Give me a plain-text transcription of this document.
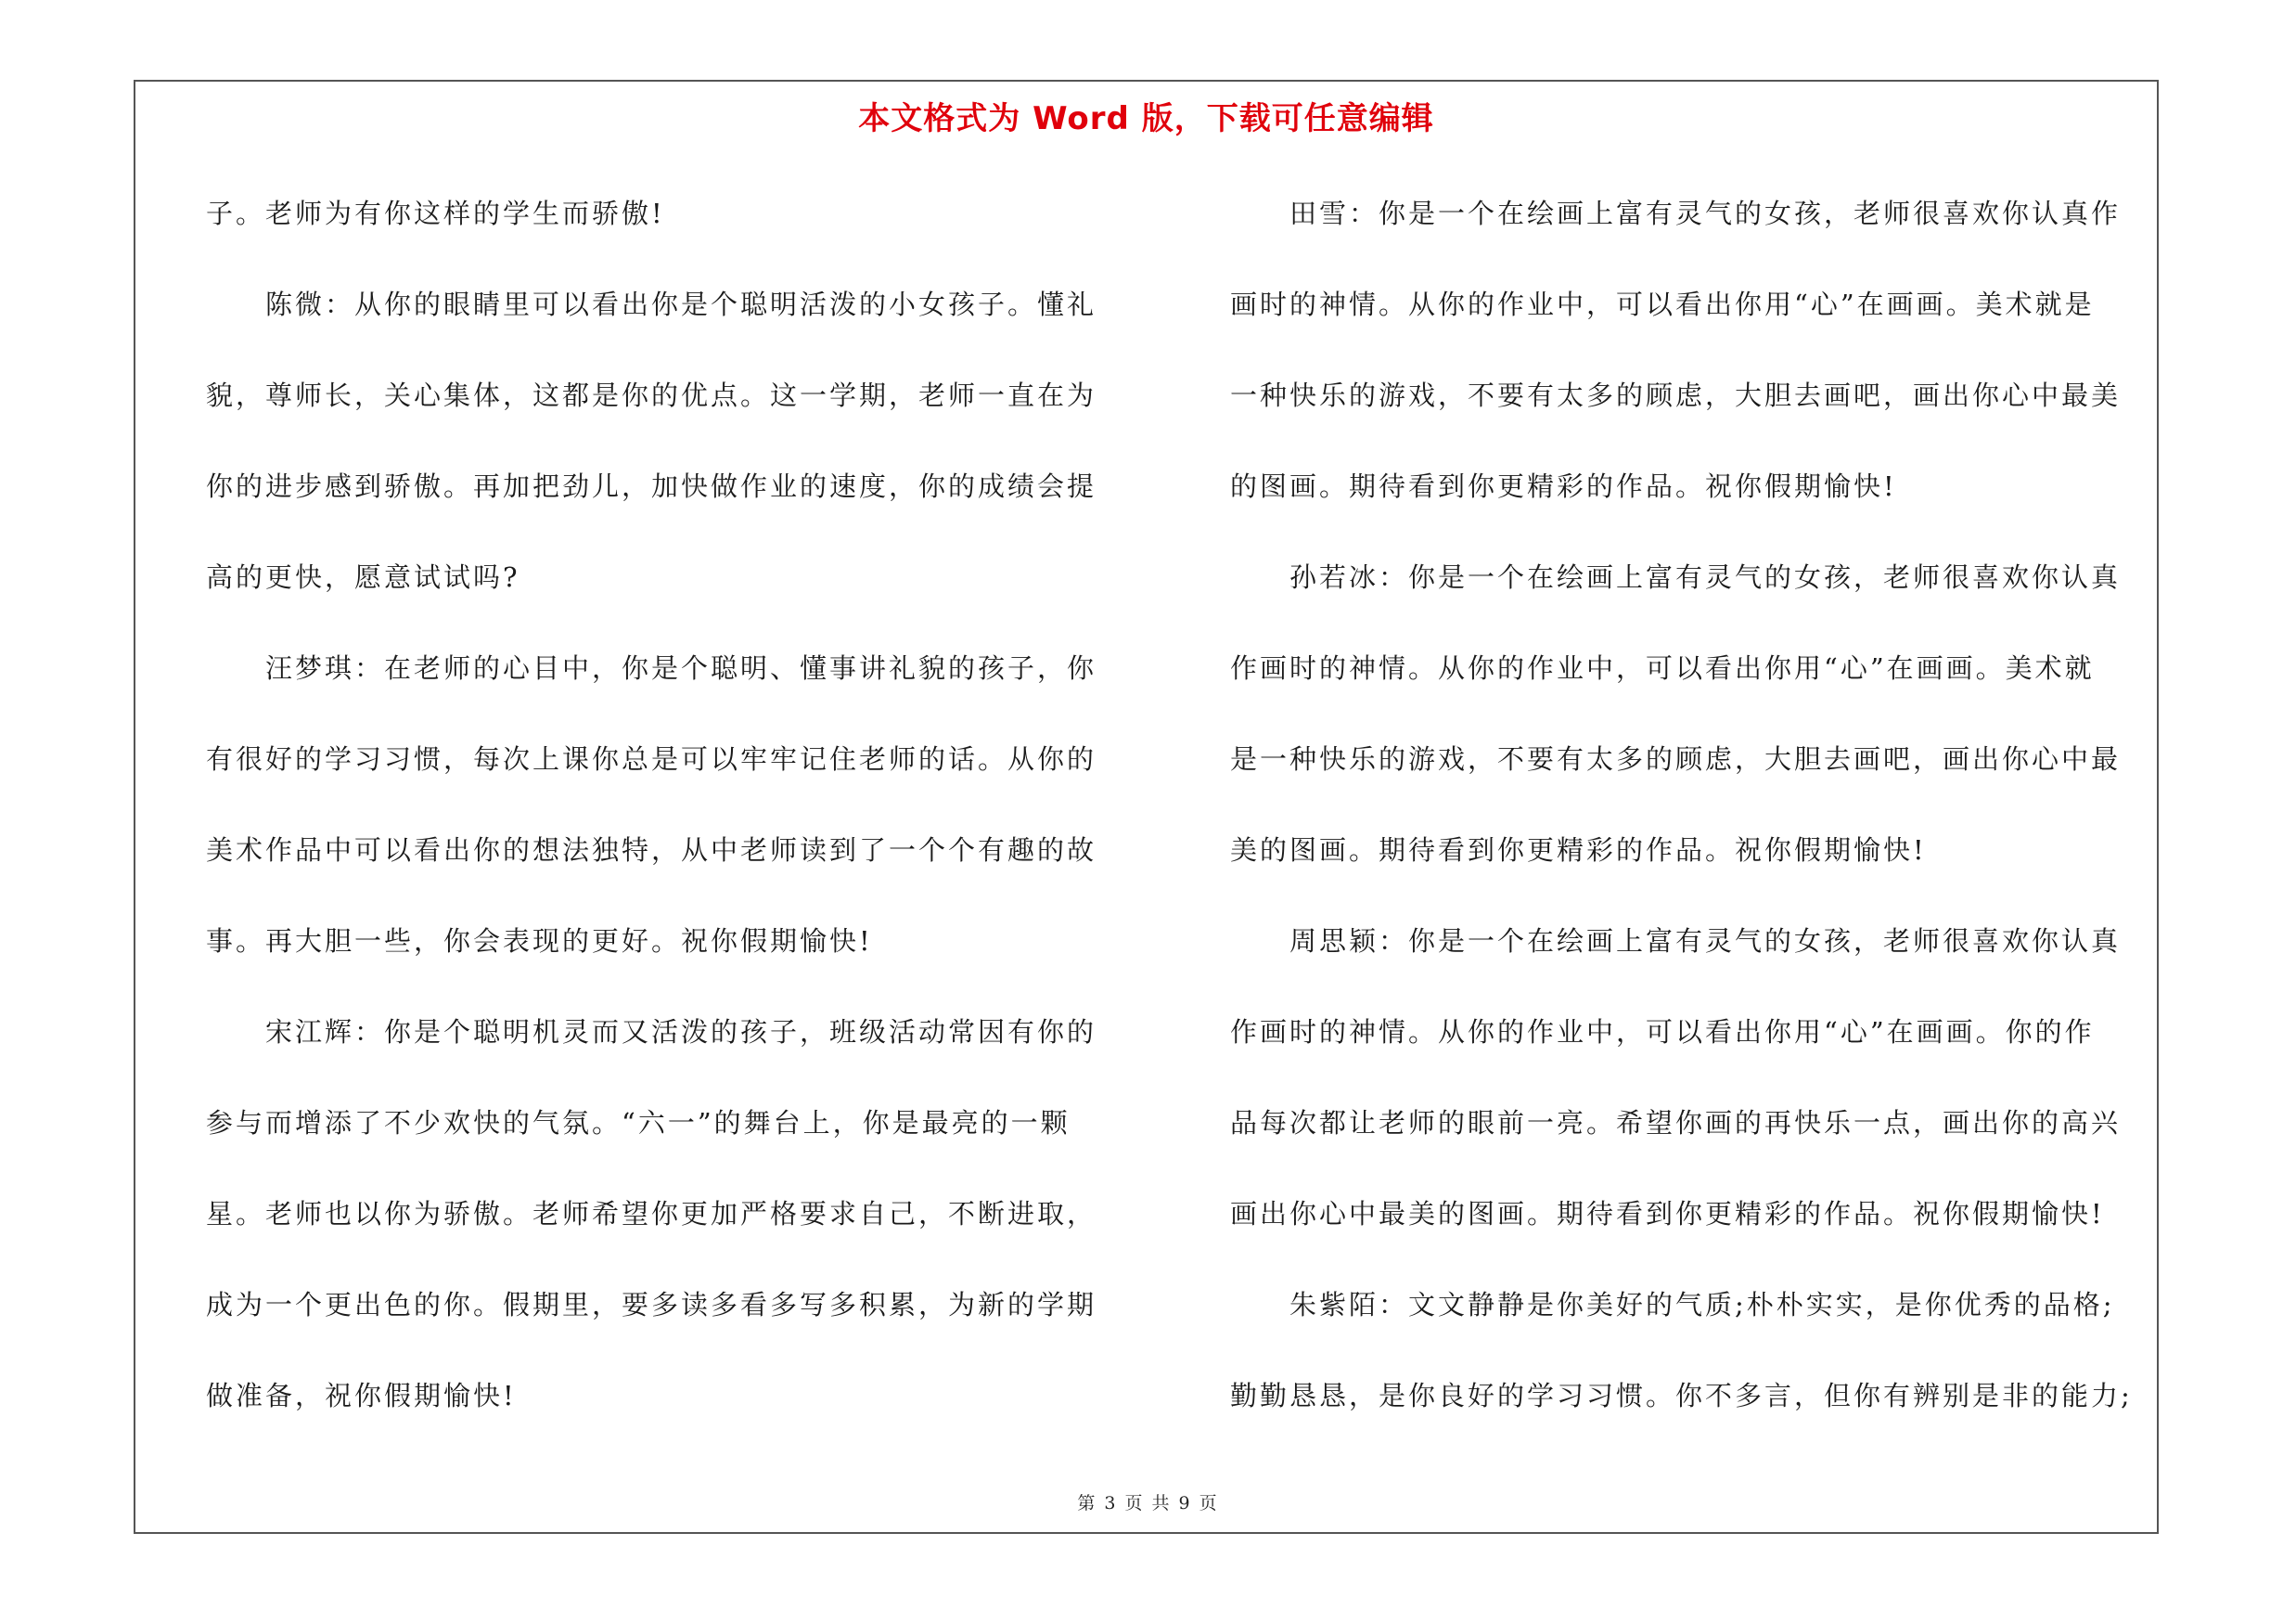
本文格式为 Word 版，下载可任意编辑
子。老师为有你这样的学生而骄傲!
陈微：从你的眼睛里可以看出你是个聪明活泼的小女孩子。懂礼
貌，尊师长，关心集体，这都是你的优点。这一学期，老师一直在为
你的进步感到骄傲。再加把劲儿，加快做作业的速度，你的成绩会提
高的更快，愿意试试吗?
汪梦琪：在老师的心目中，你是个聪明、懂事讲礼貌的孩子，你
有很好的学习习惯，每次上课你总是可以牢牢记住老师的话。从你的
美术作品中可以看出你的想法独特，从中老师读到了一个个有趣的故
事。再大胆一些，你会表现的更好。祝你假期愉快!
宋江辉：你是个聪明机灵而又活泼的孩子，班级活动常因有你的
参与而增添了不少欢快的气氛。“六一”的舞台上，你是最亮的一颗
星。老师也以你为骄傲。老师希望你更加严格要求自己，不断进取，
成为一个更出色的你。假期里，要多读多看多写多积累，为新的学期
做准备，祝你假期愉快!
田雪：你是一个在绘画上富有灵气的女孩，老师很喜欢你认真作
画时的神情。从你的作业中，可以看出你用“心”在画画。美术就是
一种快乐的游戏，不要有太多的顾虑，大胆去画吧，画出你心中最美
的图画。期待看到你更精彩的作品。祝你假期愉快!
孙若冰：你是一个在绘画上富有灵气的女孩，老师很喜欢你认真
作画时的神情。从你的作业中，可以看出你用“心”在画画。美术就
是一种快乐的游戏，不要有太多的顾虑，大胆去画吧，画出你心中最
美的图画。期待看到你更精彩的作品。祝你假期愉快!
周思颖：你是一个在绘画上富有灵气的女孩，老师很喜欢你认真
作画时的神情。从你的作业中，可以看出你用“心”在画画。你的作
品每次都让老师的眼前一亮。希望你画的再快乐一点，画出你的高兴
画出你心中最美的图画。期待看到你更精彩的作品。祝你假期愉快!
朱紫陌：文文静静是你美好的气质;朴朴实实，是你优秀的品格;
勤勤恳恳，是你良好的学习习惯。你不多言，但你有辨别是非的能力;
第 3 页 共 9 页
